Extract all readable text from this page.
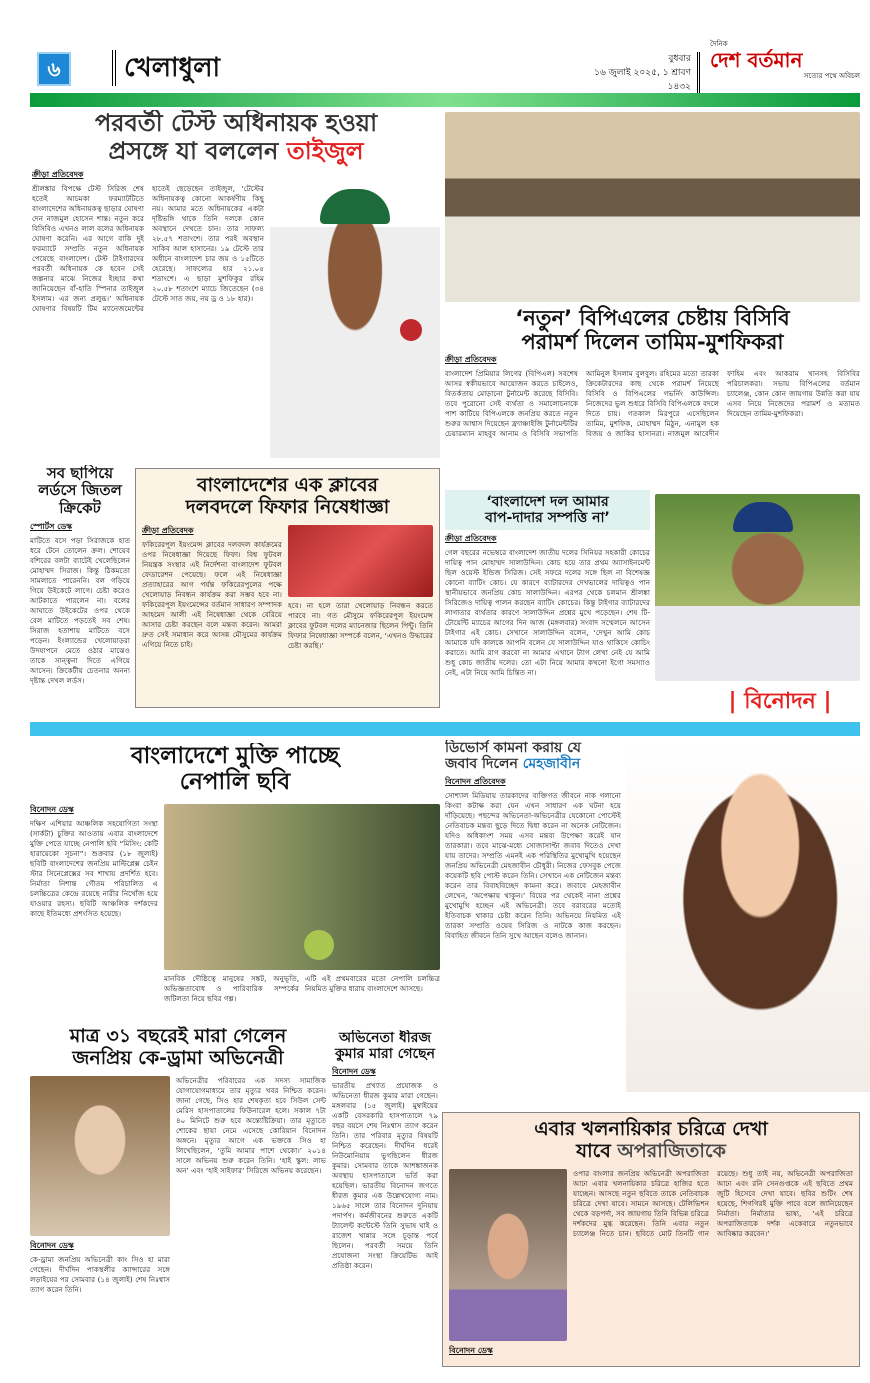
৬	খেলাধুলা	বুধবার
১৬ জুলাই ২০২৫, ১ শ্রাবণ ১৪৩২
দৈনিক
দেশ বর্তমান
সত্যের পথে অবিচল
পরবর্তী টেস্ট অধিনায়ক হওয়া
প্রসঙ্গে যা বললেন তাইজুল
ক্রীড়া প্রতিবেদক
শ্রীলঙ্কার বিপক্ষে টেস্ট সিরিজ শেষ হতেই আচমকা ফরম্যাটটিতে বাংলাদেশের অধিনায়কত্ব ছাড়ার ঘোষণা দেন নাজমুল হোসেন শান্ত। নতুন করে বিসিবিও এখনও লাল বলের অধিনায়ক ঘোষণা করেনি। এর আগে বাকি দুই ফরম্যাটে সম্প্রতি নতুন অধিনায়ক পেয়েছে বাংলাদেশ। টেস্ট টাইগারদের পরবর্তী অধিনায়ক কে হবেন সেই জল্পনার মাঝে নিজের ইচ্ছার কথা জানিয়েছেন বাঁ-হাতি স্পিনার তাইজুল ইসলাম। এর জন্য প্রলুব্ধ।’ অধিনায়ক ঘোষণার বিষয়টি টিম ম্যানেজমেন্টের হাতেই ছেড়েছেন তাইজুল, ‘টেস্টের অধিনায়কত্ব কোনো আকর্ষণীয় কিছু নয়। আমার মতে অধিনায়কের একটা দৃষ্টিভঙ্গি থাকে তিনি দলকে কোন অবস্থানে দেখতে চান। তার সাফল্য ২৮.৫৭ শতাংশে। তার পরই অবস্থান সাকিব আল হাসানের। ১৯ টেস্টে তার অধীনে বাংলাদেশ চার জয় ও ১৫টিতে হেরেছে। সাফল্যের হার ২১.০৫ শতাংশে। এ ছাড়া মুশফিকুর রহিম ২০.৫৮ শতাংশে ম্যাচে জিতেছেন (৩৪ টেস্টে সাত জয়, নয় ড্র ও ১৮ হার)।
‘নতুন’ বিপিএলের চেষ্টায় বিসিবি
পরামর্শ দিলেন তামিম-মুশফিকরা
ক্রীড়া প্রতিবেদক
বাংলাদেশ প্রিমিয়ার লিগের (বিপিএল) সবশেষ আসর স্বকীয়ভাবে আয়োজন করতে চাইলেও, বিতর্কতায় মোড়ানো টুর্নামেন্ট করেছে বিসিবি। তবে পুরোনো সেই ব্যর্থতা ও সমালোচনাকে পাশ কাটিয়ে বিপিএলকে জনপ্রিয় করতে নতুন শুরুর আশ্বাস দিয়েছেন ফ্র্যাঞ্চাইজি টুর্নামেন্টটির চেয়ারম্যান মাহবুব আনাম ও বিসিবি সভাপতি আমিনুল ইসলাম বুলবুল। রহিমের মতো তারকা ক্রিকেটারদের কাছ থেকে পরামর্শ নিয়েছে বিসিবি ও বিপিএলের গভর্নিং কাউন্সিল। নিজেদের ভুল শুধরে বিসিবি বিপিএলকে বদলে দিতে চায়। গতকাল মিরপুরে এসেছিলেন তামিম, মুশফিক, মোহাম্মদ মিঠুন, এনামুল হক বিজয় ও জাকির হাসানরা। নাজমুল আবেদীন ফাহিম এবং আকরাম খানসহ বিসিবির পরিচালকরা। সভায় বিপিএলের বর্তমান চ্যালেঞ্জ, কোন কোন জায়গায় উন্নতি করা যায় এসব নিয়ে নিজেদের পরামর্শ ও মতামত দিয়েছেন তামিম-মুশফিকরা।
সব ছাপিয়ে লর্ডসে জিতল ক্রিকেট
স্পোর্টস ডেস্ক
মাটিতে বসে পড়া সিরাজকে হাত ধরে টেনে তোলেন ক্রল। শোয়েব বশিরের বলটা ব্যাটেই খেলেছিলেন মোহাম্মদ সিরাজ। কিন্তু ঠিকমতো সামলাতে পারেননি। বল গড়িয়ে গিয়ে উইকেটে লাগে। চেষ্টা করেও আটকাতে পারলেন না। বলের আঘাতে উইকেটের ওপর থেকে বেল মাটিতে পড়তেই সব শেষ। সিরাজ হতাশায় মাটিতে বসে পড়েন। ইংল্যান্ডের খেলোয়াড়রা উদযাপনে মেতে ওঠার মাঝেও তাকে সান্ত্বনা দিতে এগিয়ে আসেন। ক্রিকেটীয় চেতনার অনন্য দৃষ্টান্ত দেখল লর্ডস।
বাংলাদেশের এক ক্লাবের
দলবদলে ফিফার নিষেধাজ্ঞা
ক্রীড়া প্রতিবেদক
ফকিরেরপুল ইয়ংমেন্স ক্লাবের দলবদল কার্যক্রমের ওপর নিষেধাজ্ঞা দিয়েছে ফিফা। বিশ্ব ফুটবল নিয়ন্ত্রক সংস্থার এই নির্দেশনা বাংলাদেশ ফুটবল ফেডারেশন পেয়েছে। ফলে এই নিষেধাজ্ঞা প্রত্যাহারের আগ পর্যন্ত ফকিরেরপুলের পক্ষে খেলোয়াড় নিবন্ধন কার্যক্রম করা সম্ভব হবে না। ফকিরেরপুল ইয়ংমেন্সের বর্তমান সাধারণ সম্পাদক আহমেদ আলী এই নিষেধাজ্ঞা থেকে বেরিয়ে আসার চেষ্টা করছেন বলে মন্তব্য করেন। আমরা দ্রুত সেই সমাধান করে আসন্ন মৌসুমের কার্যক্রম এগিয়ে নিতে চাই।
হবে। না হলে তারা খেলোয়াড় নিবন্ধন করতে পারবে না। গত মৌসুমে ফকিরেরপুল ইয়ংমেন্স ক্লাবের ফুটবল দলের ম্যানেজার ছিলেন পিন্টু। তিনি ফিফার নিষেধাজ্ঞা সম্পর্কে বলেন, ‘এখনও উদ্ধারের চেষ্টা করছি।’
‘বাংলাদেশ দল আমার
বাপ-দাদার সম্পত্তি না’
ক্রীড়া প্রতিবেদক
গেল বছরের নভেম্বরে বাংলাদেশ জাতীয় দলের সিনিয়র সহকারী কোচের দায়িত্ব পান মোহাম্মদ সালাউদ্দিন। কোচ হয়ে তার প্রথম অ্যাসাইনমেন্ট ছিল ওয়েস্ট ইন্ডিজ সিরিজ। সেই সফরে দলের সঙ্গে ছিল না বিশেষজ্ঞ কোনো ব্যাটিং কোচ। যে কারণে ব্যাটারদের দেখভালের দায়িত্বও পান স্থানীয়ভাবে জনপ্রিয় কোচ সালাউদ্দিন। এরপর থেকে চলমান শ্রীলঙ্কা সিরিজেও দায়িত্ব পালন করছেন ব্যাটিং কোচের। কিন্তু টাইগার ব্যাটারদের লাগাতার ব্যর্থতার কারণে সালাউদ্দিন প্রশ্নের মুখে পড়েছেন। শেষ টি-টোয়েন্টি ম্যাচের আগের দিন আজ (মঙ্গলবার) সংবাদ সম্মেলনে আসেন টাইগার এই কোচ। সেখানে সালাউদ্দিন বলেন, ‘দেখুন আমি কোচ আমাকে যদি কালকে আপনি বলেন যে সালাউদ্দিন যাও থাকিসে কোচিং করাতে। আমি রাগ করবো না আমার এখানে ট্যাগ লেখা নেই যে আমি শুধু কোচ জাতীয় দলের। তো এটা নিয়ে আমার কখনো ইগো সমস্যাও নেই, এটা নিয়ে আমি চিন্তিত না।
| বিনোদন |
বাংলাদেশে মুক্তি পাচ্ছে
নেপালি ছবি
বিনোদন ডেস্ক
দক্ষিণ এশিয়ার আঞ্চলিক সহযোগিতা সংস্থা (সার্কটা) চুক্তির আওতায় এবার বাংলাদেশে মুক্তি পেতে যাচ্ছে নেপালি ছবি “মিসিং: কেটি হারায়েকো সূচনা”। শুক্রবার (১৮ জুলাই) ছবিটি বাংলাদেশের জনপ্রিয় মাল্টিপ্লেক্স চেইন স্টার সিনেপ্লেক্সের সব শাখায় প্রদর্শিত হবে। নির্মাতা নিশান্ত গৌতম পরিচালিত এ চলচ্চিত্রের কেন্দ্রে রয়েছে নারীর নিখোঁজ হয়ে যাওয়ার রহস্য। ছবিটি আঞ্চলিক দর্শকদের কাছে ইতিমধ্যে প্রশংসিত হয়েছে।
মানবিক দৌষ্ঠিত্বে মানুষের সঙ্কট, অনুভূতি, অভিজ্ঞতাবোধ ও পারিবারিক সম্পর্কের জটিলতা নিয়ে ছবির গল্প।
এটি এই প্রথমবারের মতো নেপালি চলচ্চিত্র নিয়মিত মুক্তির ধারায় বাংলাদেশে আসছে।
ডিভোর্স কামনা করায় যে
জবাব দিলেন মেহজাবীন
বিনোদন প্রতিবেদক
সোশ্যাল মিডিয়ায় তারকাদের ব্যক্তিগত জীবনে নাক গলানো কিংবা কটাক্ষ করা যেন এখন সাধারণ এক ঘটনা হয়ে দাঁড়িয়েছে। পছন্দের অভিনেতা-অভিনেত্রীর যেকোনো পোস্টেই নেতিবাচক মন্তব্য ছুড়ে দিতে দ্বিধা করেন না অনেক নেটিজেন। যদিও অধিকাংশ সময় এসব মন্তব্য উপেক্ষা করেই যান তারকারা। তবে মাঝে-মধ্যে সোজাসাপ্টা জবাব দিতেও দেখা যায় তাদের। সম্প্রতি এমনই এক পরিস্থিতির মুখোমুখি হয়েছেন জনপ্রিয় অভিনেত্রী মেহজাবীন চৌধুরী। নিজের ফেসবুক পেজে কয়েকটি ছবি পোস্ট করেন তিনি। সেখানে এক নেটিজেন মন্তব্য করেন তার বিবাহবিচ্ছেদ কামনা করে। জবাবে মেহজাবীন লেখেন, ‘অপেক্ষায় থাকুন।’ বিয়ের পর থেকেই নানা প্রশ্নের মুখোমুখি হচ্ছেন এই অভিনেত্রী। তবে বরাবরের মতোই ইতিবাচক থাকার চেষ্টা করেন তিনি। অভিনয়ে নিয়মিত এই তারকা সম্প্রতি ওয়েব সিরিজ ও নাটকে কাজ করছেন। বিবাহিত জীবনে তিনি সুখে আছেন বলেও জানান।
মাত্র ৩১ বছরেই মারা গেলেন
জনপ্রিয় কে-ড্রামা অভিনেত্রী
বিনোদন ডেস্ক
কে-ড্রামা জনপ্রিয় অভিনেত্রী কাং সিও হা মারা গেছেন। দীর্ঘদিন পাকস্থলীর ক্যান্সারের সঙ্গে লড়াইয়ের পর সোমবার (১৪ জুলাই) শেষ নিঃশ্বাস ত্যাগ করেন তিনি।
অভিনেত্রীর পরিবারের এক সদস্য সামাজিক যোগাযোগমাধ্যমে তার মৃত্যুর খবর নিশ্চিত করেন। জানা গেছে, সিও হার শেষকৃত্য হবে সিউল সেন্ট মেরিস হাসপাতালের ফিউনারেল হলে। সকাল ৭টা ৪০ মিনিটে শুরু হবে অন্ত্যেষ্টিক্রিয়া। তার মৃত্যুতে শোকের ছায়া নেমে এসেছে কোরিয়ান বিনোদন অঙ্গনে। মৃত্যুর আগে এক ভক্তকে সিও হা লিখেছিলেন, ‘তুমি আমার পাশে থেকো।’ ২০১৪ সালে অভিনয় শুরু করেন তিনি। ‘হাই স্কুল: লাভ অন’ এবং ‘হাই সাইফার’ সিরিজে অভিনয় করেছেন।
অভিনেতা ধীরজ কুমার মারা গেছেন
বিনোদন ডেস্ক
ভারতীয় প্রখ্যাত প্রযোজক ও অভিনেতা ধীরজ কুমার মারা গেছেন। মঙ্গলবার (১৫ জুলাই) মুম্বাইয়ের একটি বেসরকারি হাসপাতালে ৭৯ বছর বয়সে শেষ নিঃশ্বাস ত্যাগ করেন তিনি। তার পরিবার মৃত্যুর বিষয়টি নিশ্চিত করেছেন। দীর্ঘদিন ধরেই নিউমোনিয়ায় ভুগছিলেন ধীরজ কুমার। সোমবার তাকে আশঙ্কাজনক অবস্থায় হাসপাতালে ভর্তি করা হয়েছিল। ভারতীয় বিনোদন জগতে ধীরজ কুমার এক উল্লেখযোগ্য নাম। ১৯৬৫ সালে তার বিনোদন দুনিয়ায় পদার্পণ। কর্মজীবনের শুরুতে একটি ট্যালেন্ট কন্টেস্টে তিনি সুভাষ ঘাই ও রাজেশ খান্নার সঙ্গে চূড়ান্ত পর্বে ছিলেন। পরবর্তী সময়ে তিনি প্রযোজনা সংস্থা ক্রিয়েটিভ আই প্রতিষ্ঠা করেন।
এবার খলনায়িকার চরিত্রে দেখা
যাবে অপরাজিতাকে
বিনোদন ডেস্ক
ওপার বাংলার জনপ্রিয় অভিনেত্রী অপরাজিতা আঢ্য এবার খলনায়িকার চরিত্রে হাজির হতে যাচ্ছেন। আসছে নতুন ছবিতে তাকে নেতিবাচক চরিত্রে দেখা যাবে। সামনে আসছে। টেলিভিশন থেকে বড়পর্দা, সব জায়গায় তিনি বিভিন্ন চরিত্রে দর্শকদের মুগ্ধ করেছেন। তিনি এবার নতুন চ্যালেঞ্জ নিতে চান। ছবিতে মোট তিনটি গান রয়েছে। শুধু তাই নয়, অভিনেত্রী অপরাজিতা আঢ্য এবং রনি সেনগুপ্তকে এই ছবিতে প্রথম জুটি হিসেবে দেখা যাবে। ছবির শুটিং শেষ হয়েছে, শিগগিরই মুক্তি পাবে বলে জানিয়েছেন নির্মাতা। নির্মাতার ভাষ্য, ‘এই চরিত্রে অপরাজিতাকে দর্শক একেবারে নতুনভাবে আবিষ্কার করবেন।’
